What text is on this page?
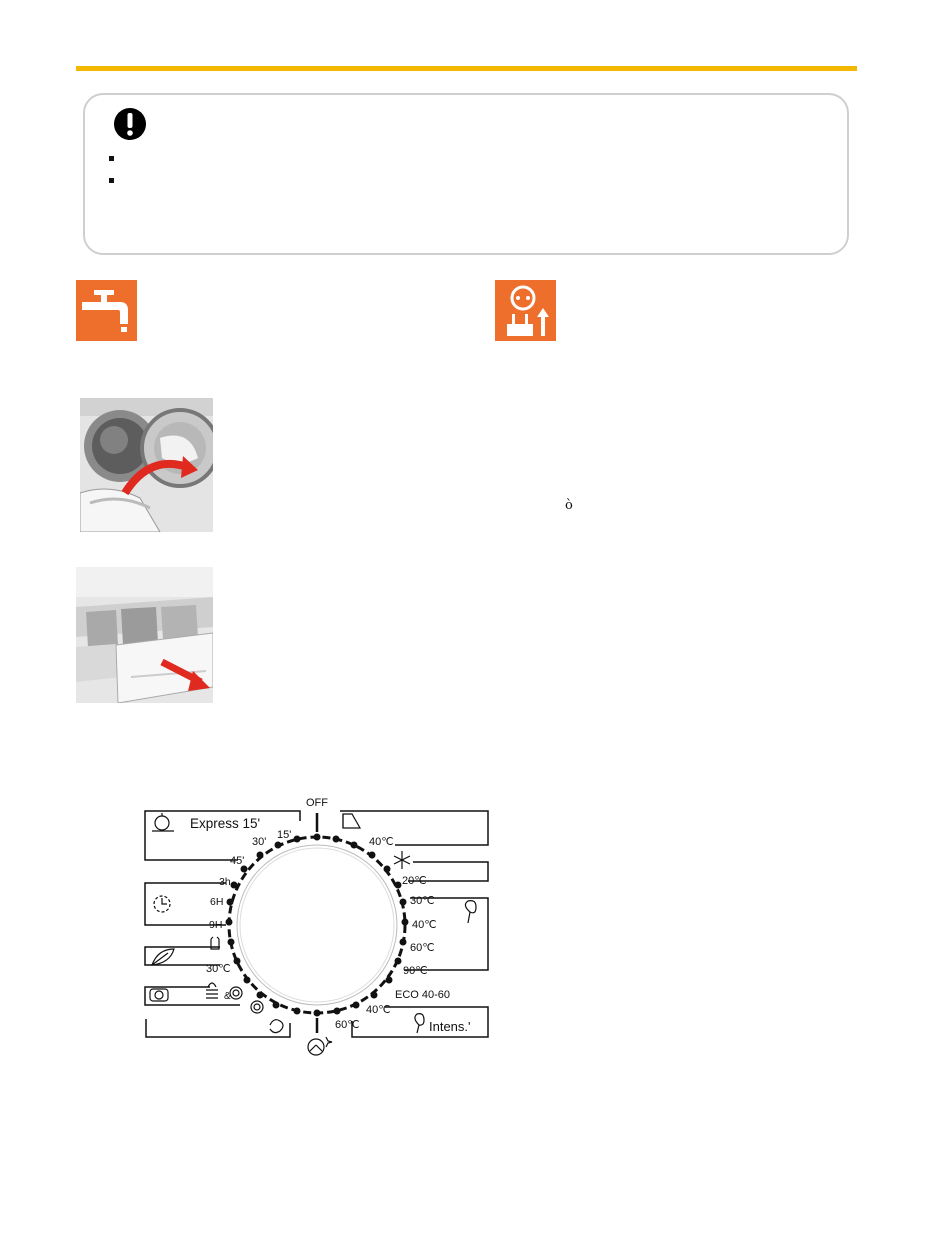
ὸ
OFF
Express 15'
15'
30'
45'
3h
6H
9H
30℃
&
40℃
20℃
30℃
40℃
60℃
90℃
ECO 40-60
40℃
60℃	Intens.'
